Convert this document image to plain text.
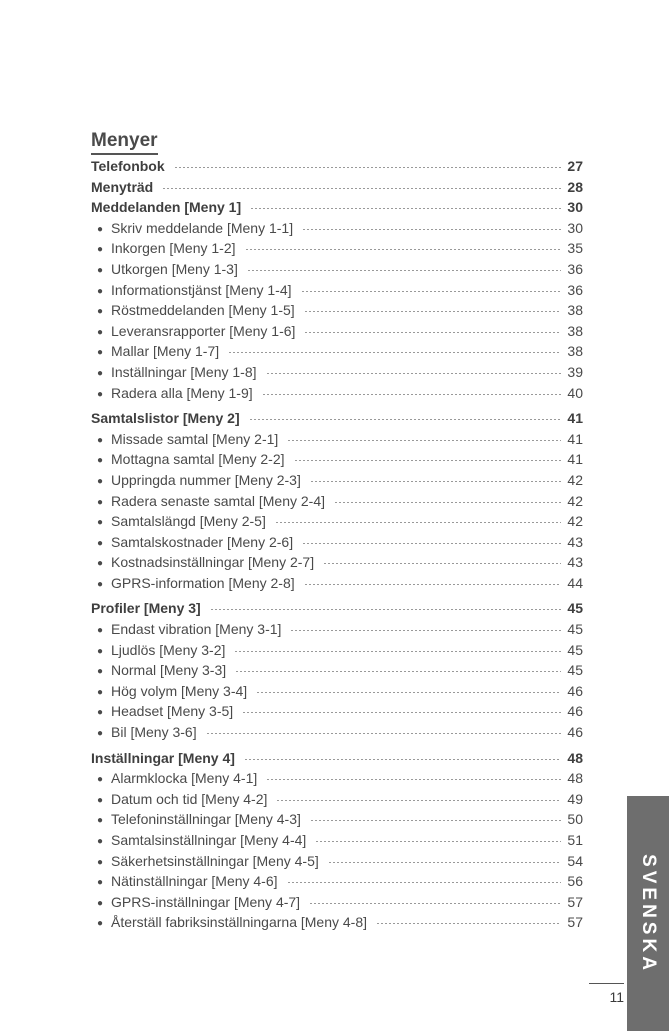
Menyer
Telefonbok	27
Menyträd	28
Meddelanden [Meny 1]	30
● Skriv meddelande [Meny 1-1]	30
● Inkorgen [Meny 1-2]	35
● Utkorgen [Meny 1-3]	36
● Informationstjänst [Meny 1-4]	36
● Röstmeddelanden [Meny 1-5]	38
● Leveransrapporter [Meny 1-6]	38
● Mallar [Meny 1-7]	38
● Inställningar [Meny 1-8]	39
● Radera alla [Meny 1-9]	40
Samtalslistor [Meny 2]	41
● Missade samtal [Meny 2-1]	41
● Mottagna samtal [Meny 2-2]	41
● Uppringda nummer [Meny 2-3]	42
● Radera senaste samtal [Meny 2-4]	42
● Samtalslängd [Meny 2-5]	42
● Samtalskostnader [Meny 2-6]	43
● Kostnadsinställningar [Meny 2-7]	43
● GPRS-information [Meny 2-8]	44
Profiler [Meny 3]	45
● Endast vibration [Meny 3-1]	45
● Ljudlös [Meny 3-2]	45
● Normal [Meny 3-3]	45
● Hög volym [Meny 3-4]	46
● Headset [Meny 3-5]	46
● Bil [Meny 3-6]	46
Inställningar [Meny 4]	48
● Alarmklocka [Meny 4-1]	48
● Datum och tid [Meny 4-2]	49
● Telefoninställningar [Meny 4-3]	50
● Samtalsinställningar [Meny 4-4]	51
● Säkerhetsinställningar [Meny 4-5]	54
● Nätinställningar [Meny 4-6]	56
● GPRS-inställningar [Meny 4-7]	57
● Återställ fabriksinställningarna [Meny 4-8]	57	SVENSKA
11
